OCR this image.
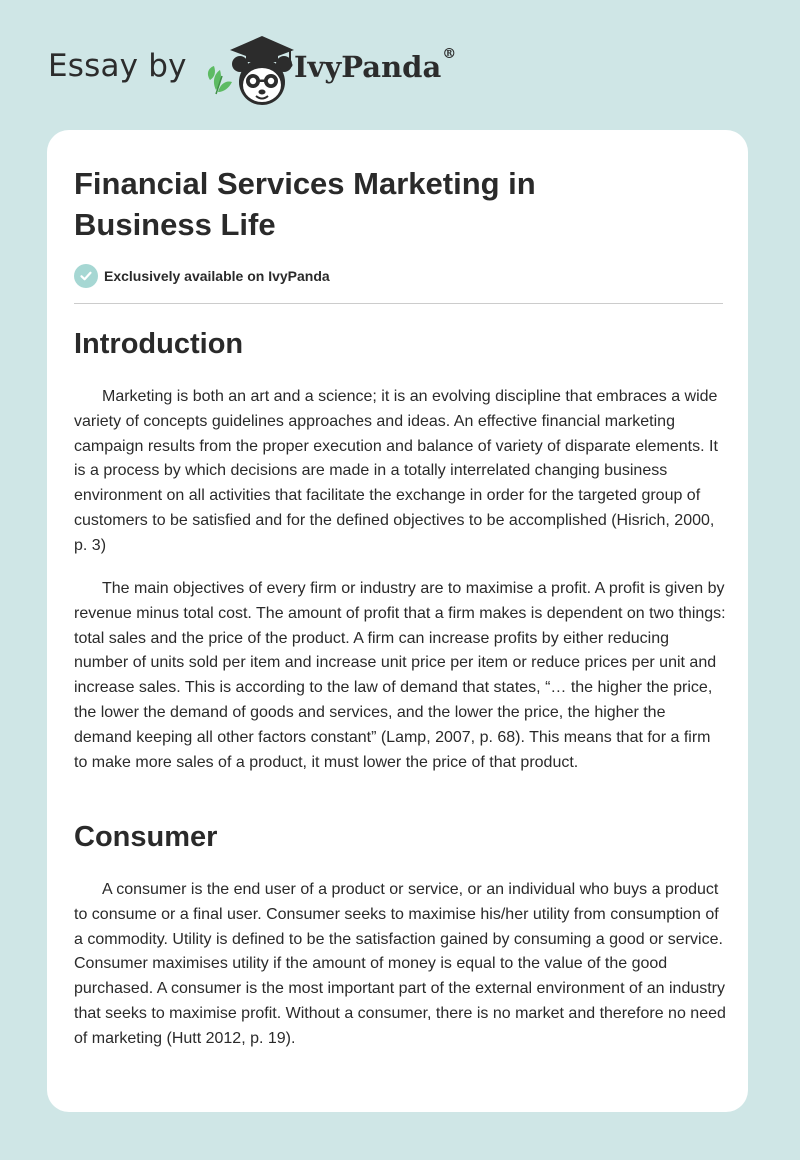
Essay by	IvyPanda®
Financial Services Marketing in Business Life
Exclusively available on IvyPanda
Introduction

Marketing is both an art and a science; it is an evolving discipline that embraces a wide variety of concepts guidelines approaches and ideas. An effective financial marketing campaign results from the proper execution and balance of variety of disparate elements. It is a process by which decisions are made in a totally interrelated changing business environment on all activities that facilitate the exchange in order for the targeted group of customers to be satisfied and for the defined objectives to be accomplished (Hisrich, 2000, p. 3)

The main objectives of every firm or industry are to maximise a profit. A profit is given by revenue minus total cost. The amount of profit that a firm makes is dependent on two things: total sales and the price of the product. A firm can increase profits by either reducing number of units sold per item and increase unit price per item or reduce prices per unit and increase sales. This is according to the law of demand that states, “… the higher the price, the lower the demand of goods and services, and the lower the price, the higher the demand keeping all other factors constant” (Lamp, 2007, p. 68). This means that for a firm to make more sales of a product, it must lower the price of that product.

Consumer

A consumer is the end user of a product or service, or an individual who buys a product to consume or a final user. Consumer seeks to maximise his/her utility from consumption of a commodity. Utility is defined to be the satisfaction gained by consuming a good or service. Consumer maximises utility if the amount of money is equal to the value of the good purchased. A consumer is the most important part of the external environment of an industry that seeks to maximise profit. Without a consumer, there is no market and therefore no need of marketing (Hutt 2012, p. 19).
